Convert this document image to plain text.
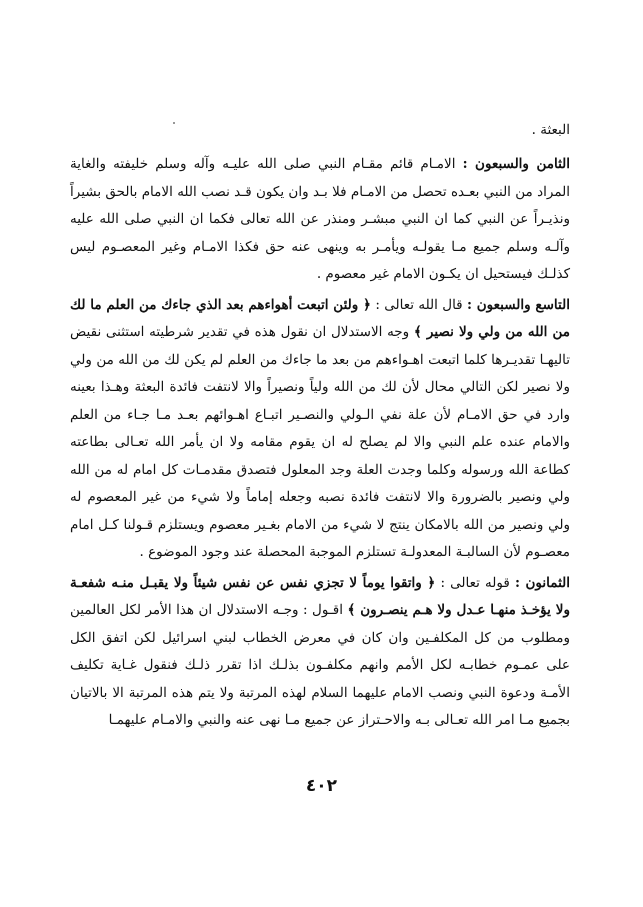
البعثة .

الثامن والسبعون : الامـام قائم مقـام النبي صلى الله عليـه وآله وسلم خليفته والغاية المراد من النبي بعـده تحصل من الامـام فلا بـد وان يكون قـد نصب الله الامام بالحق بشيراً ونذيـراً عن النبي كما ان النبي مبشـر ومنذر عن الله تعالى فكما ان النبي صلى الله عليه وآلـه وسلم جميع مـا يقولـه ويأمـر به وينهى عنه حق فكذا الامـام وغير المعصـوم ليس كذلـك فيستحيل ان يكـون الامام غير معصوم .

التاسع والسبعون : قال الله تعالى : ﴿ ولئن اتبعت أهواءهم بعد الذي جاءك من العلم ما لك من الله من ولي ولا نصير ﴾ وجه الاستدلال ان نقول هذه في تقدير شرطيته استثنى نقيض تاليهـا تقديـرها كلما اتبعت اهـواءهم من بعد ما جاءك من العلم لم يكن لك من الله من ولي ولا نصير لكن التالي محال لأن لك من الله ولياً ونصيراً والا لانتفت فائدة البعثة وهـذا بعينه وارد في حق الامـام لأن علة نفي الـولي والنصـير اتبـاع اهـوائهم بعـد مـا جـاء من العلم والامام عنده علم النبي والا لم يصلح له ان يقوم مقامه ولا ان يأمر الله تعـالى بطاعته كطاعة الله ورسوله وكلما وجدت العلة وجد المعلول فتصدق مقدمـات كل امام له من الله ولي ونصير بالضرورة والا لانتفت فائدة نصبه وجعله إماماً ولا شيء من غير المعصوم له ولي ونصير من الله بالامكان ينتج لا شيء من الامام بغـير معصوم ويستلزم قـولنا كـل امام معصـوم لأن السالبـة المعدولـة تستلزم الموجبة المحصلة عند وجود الموضوع .

الثمانون : قوله تعالى : ﴿ واتقوا يوماً لا تجزي نفس عن نفس شيئاً ولا يقبـل منـه شفعـة ولا يؤخـذ منهـا عـدل ولا هـم ينصـرون ﴾ اقـول : وجـه الاستدلال ان هذا الأمر لكل العالمين ومطلوب من كل المكلفـين وان كان في معرض الخطاب لبني اسرائيل لكن اتفق الكل على عمـوم خطابـه لكل الأمم وانهم مكلفـون بذلـك اذا تقرر ذلـك فنقول غـاية تكليف الأمـة ودعوة النبي ونصب الامام عليهما السلام لهذه المرتبة ولا يتم هذه المرتبة الا بالاتيان بجميع مـا امر الله تعـالى بـه والاحـتراز عن جميع مـا نهى عنه والنبي والامـام عليهمـا

٤٠٢
